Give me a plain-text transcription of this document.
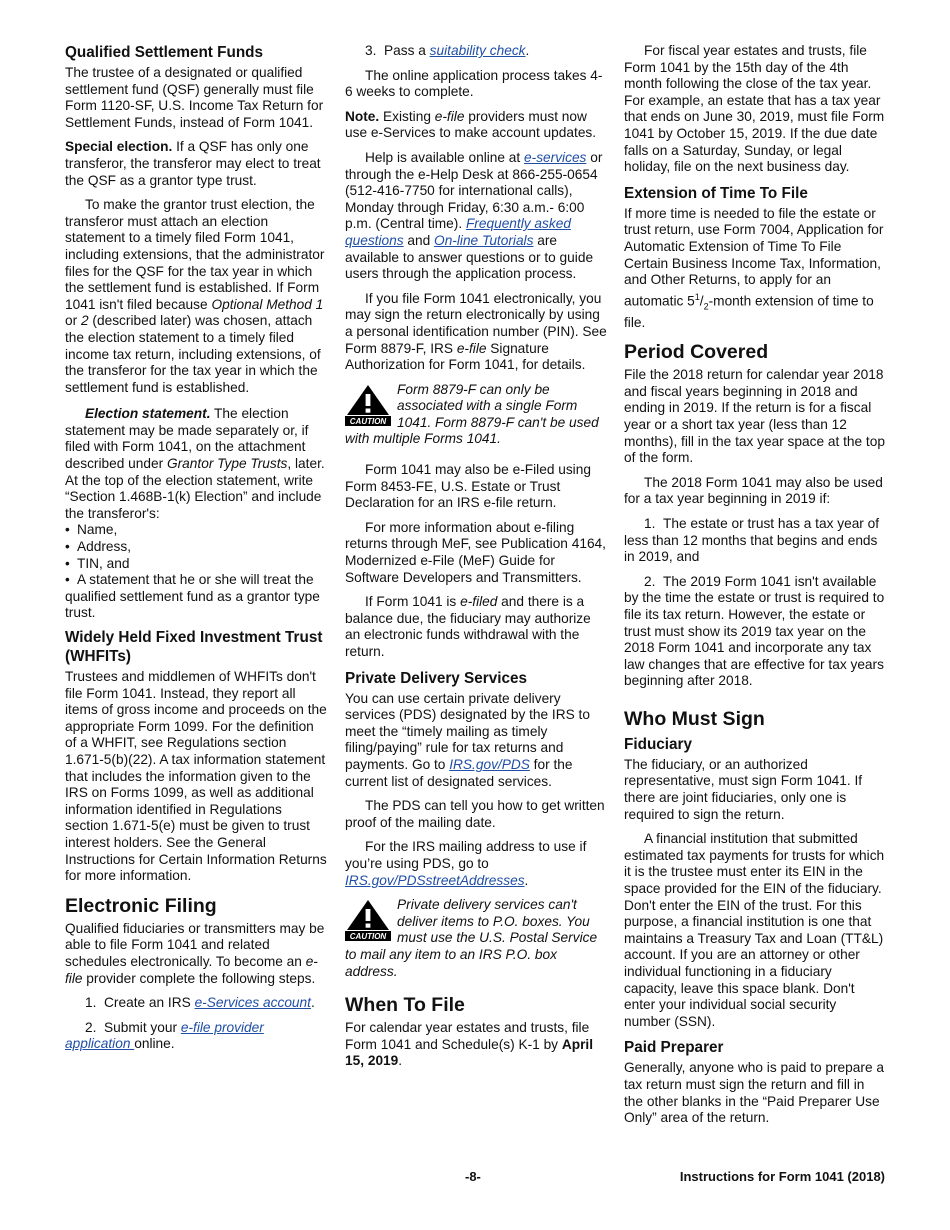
Qualified Settlement Funds

The trustee of a designated or qualified settlement fund (QSF) generally must file Form 1120-SF, U.S. Income Tax Return for Settlement Funds, instead of Form 1041.

Special election. If a QSF has only one transferor, the transferor may elect to treat the QSF as a grantor type trust.

To make the grantor trust election, the transferor must attach an election statement to a timely filed Form 1041, including extensions, that the administrator files for the QSF for the tax year in which the settlement fund is established. If Form 1041 isn't filed because Optional Method 1 or 2 (described later) was chosen, attach the election statement to a timely filed income tax return, including extensions, of the transferor for the tax year in which the settlement fund is established.

Election statement. The election statement may be made separately or, if filed with Form 1041, on the attachment described under Grantor Type Trusts, later. At the top of the election statement, write “Section 1.468B-1(k) Election” and include the transferor's:

• Name,
• Address,
• TIN, and
• A statement that he or she will treat the qualified settlement fund as a grantor type trust.
Widely Held Fixed Investment Trust (WHFITs)

Trustees and middlemen of WHFITs don't file Form 1041. Instead, they report all items of gross income and proceeds on the appropriate Form 1099. For the definition of a WHFIT, see Regulations section 1.671-5(b)(22). A tax information statement that includes the information given to the IRS on Forms 1099, as well as additional information identified in Regulations section 1.671-5(e) must be given to trust interest holders. See the General Instructions for Certain Information Returns for more information.

Electronic Filing

Qualified fiduciaries or transmitters may be able to file Form 1041 and related schedules electronically. To become an e-file provider complete the following steps.

1.  Create an IRS e-Services account.

2.  Submit your e-file provider application online.

3.  Pass a suitability check.

The online application process takes 4-6 weeks to complete.

Note. Existing e-file providers must now use e-Services to make account updates.

Help is available online at e-services or through the e-Help Desk at 866-255-0654 (512-416-7750 for international calls), Monday through Friday, 6:30 a.m.- 6:00 p.m. (Central time). Frequently asked questions and On-line Tutorials are available to answer questions or to guide users through the application process.

If you file Form 1041 electronically, you may sign the return electronically by using a personal identification number (PIN). See Form 8879-F, IRS e-file Signature Authorization for Form 1041, for details.

CAUTION
Form 8879-F can only be associated with a single Form 1041. Form 8879-F can't be used with multiple Forms 1041.

Form 1041 may also be e-Filed using Form 8453-FE, U.S. Estate or Trust Declaration for an IRS e-file return.

For more information about e-filing returns through MeF, see Publication 4164, Modernized e-File (MeF) Guide for Software Developers and Transmitters.

If Form 1041 is e-filed and there is a balance due, the fiduciary may authorize an electronic funds withdrawal with the return.

Private Delivery Services

You can use certain private delivery services (PDS) designated by the IRS to meet the “timely mailing as timely filing/paying” rule for tax returns and payments. Go to IRS.gov/PDS for the current list of designated services.

The PDS can tell you how to get written proof of the mailing date.

For the IRS mailing address to use if you’re using PDS, go to IRS.gov/PDSstreetAddresses.

CAUTION
Private delivery services can't deliver items to P.O. boxes. You must use the U.S. Postal Service to mail any item to an IRS P.O. box address.
When To File

For calendar year estates and trusts, file Form 1041 and Schedule(s) K-1 by April 15, 2019.

For fiscal year estates and trusts, file Form 1041 by the 15th day of the 4th month following the close of the tax year. For example, an estate that has a tax year that ends on June 30, 2019, must file Form 1041 by October 15, 2019. If the due date falls on a Saturday, Sunday, or legal holiday, file on the next business day.

Extension of Time To File

If more time is needed to file the estate or trust return, use Form 7004, Application for Automatic Extension of Time To File Certain Business Income Tax, Information, and Other Returns, to apply for an automatic $5^1/_2$-month extension of time to file.

Period Covered

File the 2018 return for calendar year 2018 and fiscal years beginning in 2018 and ending in 2019. If the return is for a fiscal year or a short tax year (less than 12 months), fill in the tax year space at the top of the form.

The 2018 Form 1041 may also be used for a tax year beginning in 2019 if:

1.  The estate or trust has a tax year of less than 12 months that begins and ends in 2019, and

2.  The 2019 Form 1041 isn't available by the time the estate or trust is required to file its tax return. However, the estate or trust must show its 2019 tax year on the 2018 Form 1041 and incorporate any tax law changes that are effective for tax years beginning after 2018.

Who Must Sign
Fiduciary

The fiduciary, or an authorized representative, must sign Form 1041. If there are joint fiduciaries, only one is required to sign the return.

A financial institution that submitted estimated tax payments for trusts for which it is the trustee must enter its EIN in the space provided for the EIN of the fiduciary. Don't enter the EIN of the trust. For this purpose, a financial institution is one that maintains a Treasury Tax and Loan (TT&L) account. If you are an attorney or other individual functioning in a fiduciary capacity, leave this space blank. Don't enter your individual social security number (SSN).

Paid Preparer

Generally, anyone who is paid to prepare a tax return must sign the return and fill in the other blanks in the “Paid Preparer Use Only” area of the return.

-8-	Instructions for Form 1041 (2018)
